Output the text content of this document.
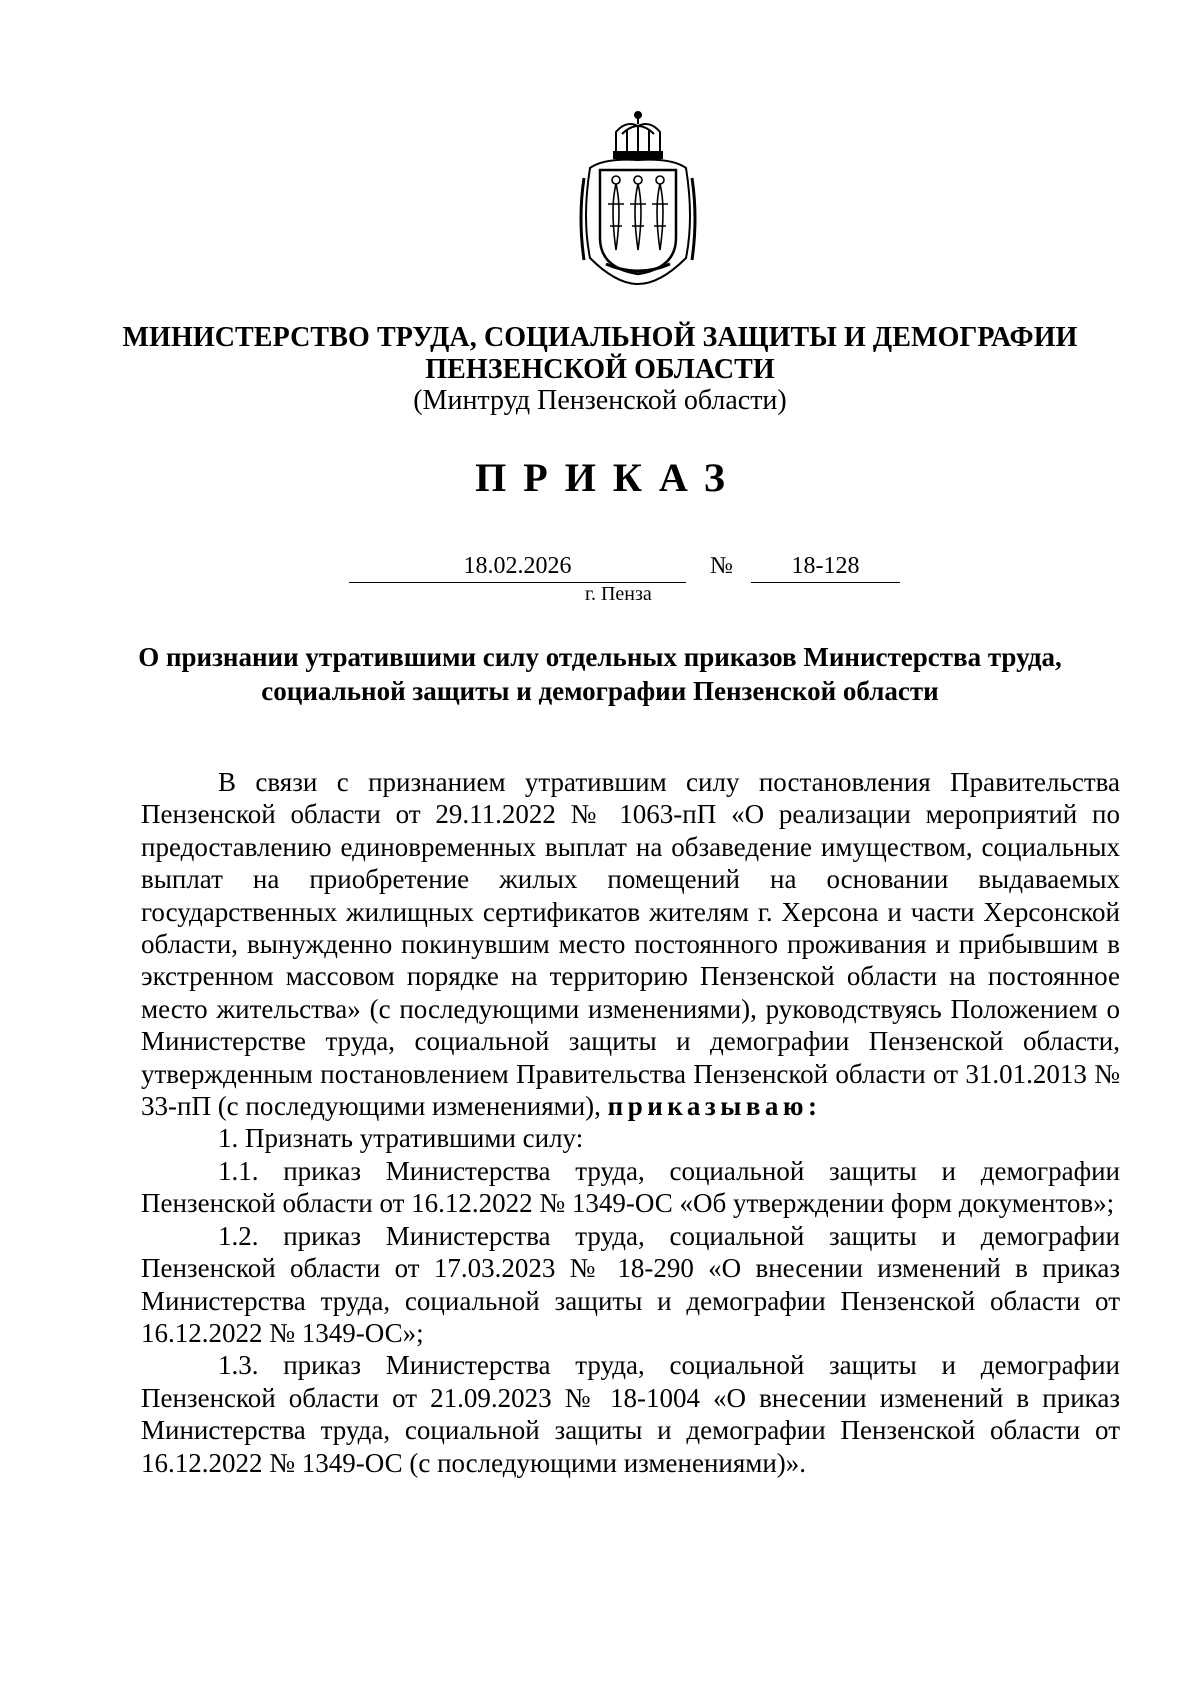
МИНИСТЕРСТВО ТРУДА, СОЦИАЛЬНОЙ ЗАЩИТЫ И ДЕМОГРАФИИ
ПЕНЗЕНСКОЙ ОБЛАСТИ
(Минтруд Пензенской области)
ПРИКАЗ
18.02.2026	№	18-128
г. Пенза
О признании утратившими силу отдельных приказов Министерства труда,
социальной защиты и демографии Пензенской области

В связи с признанием утратившим силу постановления Правительства Пензенской области от 29.11.2022 № 1063-пП «О реализации мероприятий по предоставлению единовременных выплат на обзаведение имуществом, социальных выплат на приобретение жилых помещений на основании выдаваемых государственных жилищных сертификатов жителям г. Херсона и части Херсонской области, вынужденно покинувшим место постоянного проживания и прибывшим в экстренном массовом порядке на территорию Пензенской области на постоянное место жительства» (с последующими изменениями), руководствуясь Положением о Министерстве труда, социальной защиты и демографии Пензенской области, утвержденным постановлением Правительства Пензенской области от 31.01.2013 № 33-пП (с последующими изменениями), приказываю:

1. Признать утратившими силу:

1.1. приказ Министерства труда, социальной защиты и демографии Пензенской области от 16.12.2022 № 1349-ОС «Об утверждении форм документов»;

1.2. приказ Министерства труда, социальной защиты и демографии Пензенской области от 17.03.2023 № 18-290 «О внесении изменений в приказ Министерства труда, социальной защиты и демографии Пензенской области от 16.12.2022 № 1349-ОС»;

1.3. приказ Министерства труда, социальной защиты и демографии Пензенской области от 21.09.2023 № 18-1004 «О внесении изменений в приказ Министерства труда, социальной защиты и демографии Пензенской области от 16.12.2022 № 1349-ОС (с последующими изменениями)».
